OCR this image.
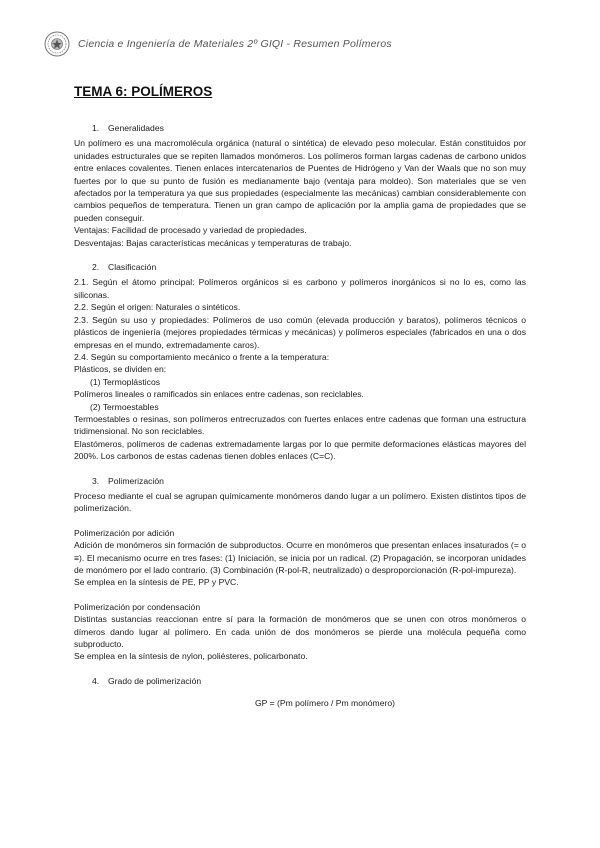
Ciencia e Ingeniería de Materiales 2º GIQI - Resumen Polímeros
TEMA 6: POLÍMEROS
1. Generalidades

Un polímero es una macromolécula orgánica (natural o sintética) de elevado peso molecular. Están constituidos por unidades estructurales que se repiten llamados monómeros. Los polímeros forman largas cadenas de carbono unidos entre enlaces covalentes. Tienen enlaces intercatenarios de Puentes de Hidrógeno y Van der Waals que no son muy fuertes por lo que su punto de fusión es medianamente bajo (ventaja para moldeo). Son materiales que se ven afectados por la temperatura ya que sus propiedades (especialmente las mecánicas) cambian considerablemente con cambios pequeños de temperatura. Tienen un gran campo de aplicación por la amplia gama de propiedades que se pueden conseguir.

Ventajas: Facilidad de procesado y variedad de propiedades.

Desventajas: Bajas características mecánicas y temperaturas de trabajo.

2. Clasificación

2.1. Según el átomo principal: Polímeros orgánicos si es carbono y polímeros inorgánicos si no lo es, como las siliconas.

2.2. Según el origen: Naturales o sintéticos.

2.3. Según su uso y propiedades: Polímeros de uso común (elevada producción y baratos), polímeros técnicos o plásticos de ingeniería (mejores propiedades térmicas y mecánicas) y polímeros especiales (fabricados en una o dos empresas en el mundo, extremadamente caros).

2.4. Según su comportamiento mecánico o frente a la temperatura:

Plásticos, se dividen en:

(1) Termoplásticos

Polímeros lineales o ramificados sin enlaces entre cadenas, son reciclables.

(2) Termoestables

Termoestables o resinas, son polímeros entrecruzados con fuertes enlaces entre cadenas que forman una estructura tridimensional. No son reciclables.

Elastómeros, polímeros de cadenas extremadamente largas por lo que permite deformaciones elásticas mayores del 200%. Los carbonos de estas cadenas tienen dobles enlaces (C=C).

3. Polimerización

Proceso mediante el cual se agrupan químicamente monómeros dando lugar a un polímero. Existen distintos tipos de polimerización.

Polimerización por adición

Adición de monómeros sin formación de subproductos. Ocurre en monómeros que presentan enlaces insaturados (= o ≡). El mecanismo ocurre en tres fases: (1) Iniciación, se inicia por un radical. (2) Propagación, se incorporan unidades de monómero por el lado contrario. (3) Combinación (R-pol-R, neutralizado) o desproporcionación (R-pol-impureza).

Se emplea en la síntesis de PE, PP y PVC.

Polimerización por condensación

Distintas sustancias reaccionan entre sí para la formación de monómeros que se unen con otros monómeros o dímeros dando lugar al polímero. En cada unión de dos monómeros se pierde una molécula pequeña como subproducto.

Se emplea en la síntesis de nylon, poliésteres, policarbonato.

4. Grado de polimerización
GP = (Pm polímero / Pm monómero)
